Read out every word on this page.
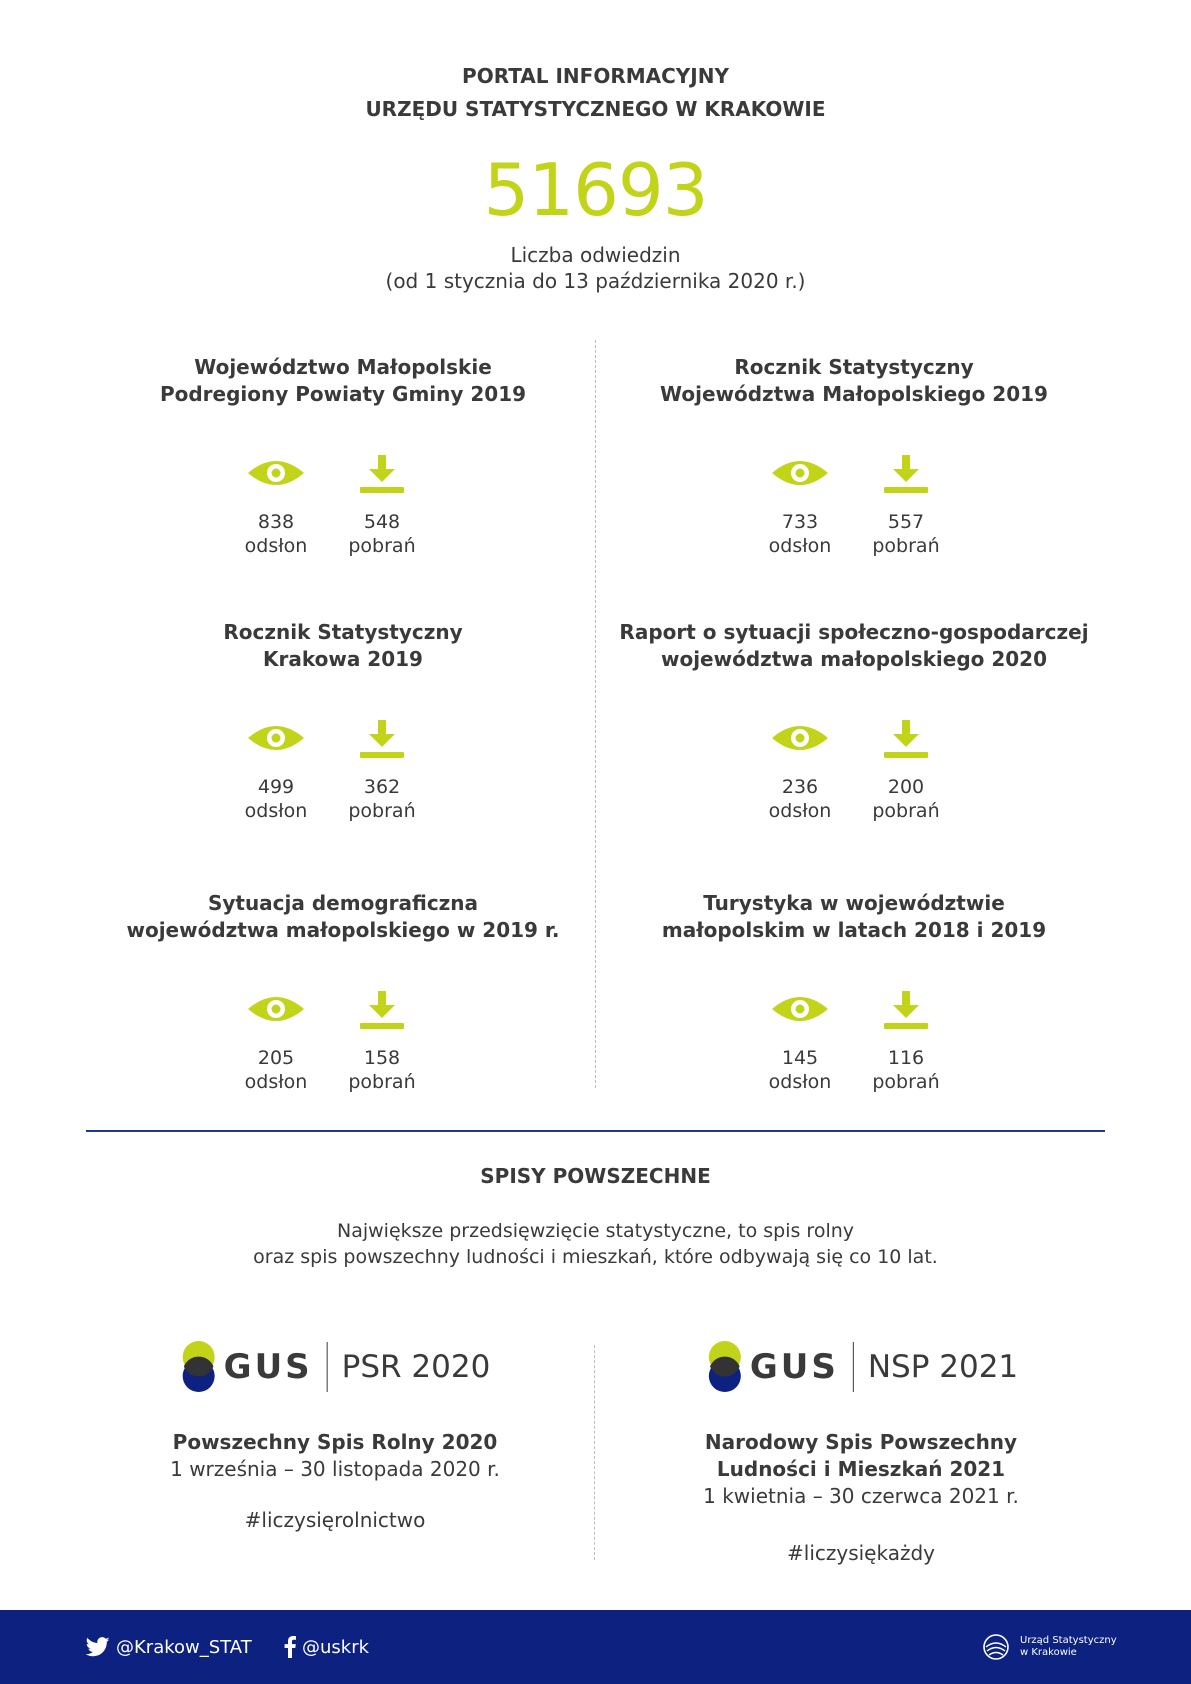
PORTAL INFORMACYJNY
URZĘDU STATYSTYCZNEGO W KRAKOWIE
51693
Liczba odwiedzin
(od 1 stycznia do 13 października 2020 r.)
Województwo Małopolskie
Podregiony Powiaty Gminy 2019
838
odsłon
548
pobrań
Rocznik Statystyczny
Województwa Małopolskiego 2019
733
odsłon
557
pobrań
Rocznik Statystyczny
Krakowa 2019
499
odsłon
362
pobrań
Raport o sytuacji społeczno-gospodarczej
województwa małopolskiego 2020
236
odsłon
200
pobrań
Sytuacja demograficzna
województwa małopolskiego w 2019 r.
205
odsłon
158
pobrań
Turystyka w województwie
małopolskim w latach 2018 i 2019
145
odsłon
116
pobrań
SPISY POWSZECHNE
Największe przedsięwzięcie statystyczne, to spis rolny
oraz spis powszechny ludności i mieszkań, które odbywają się co 10 lat.
GUS PSR 2020
Powszechny Spis Rolny 2020
1 września – 30 listopada 2020 r.
#liczysięrolnictwo
GUS NSP 2021
Narodowy Spis Powszechny
Ludności i Mieszkań 2021
1 kwietnia – 30 czerwca 2021 r.
#liczysiękażdy
@Krakow_STAT	@uskrk	Urząd Statystyczny
w Krakowie
